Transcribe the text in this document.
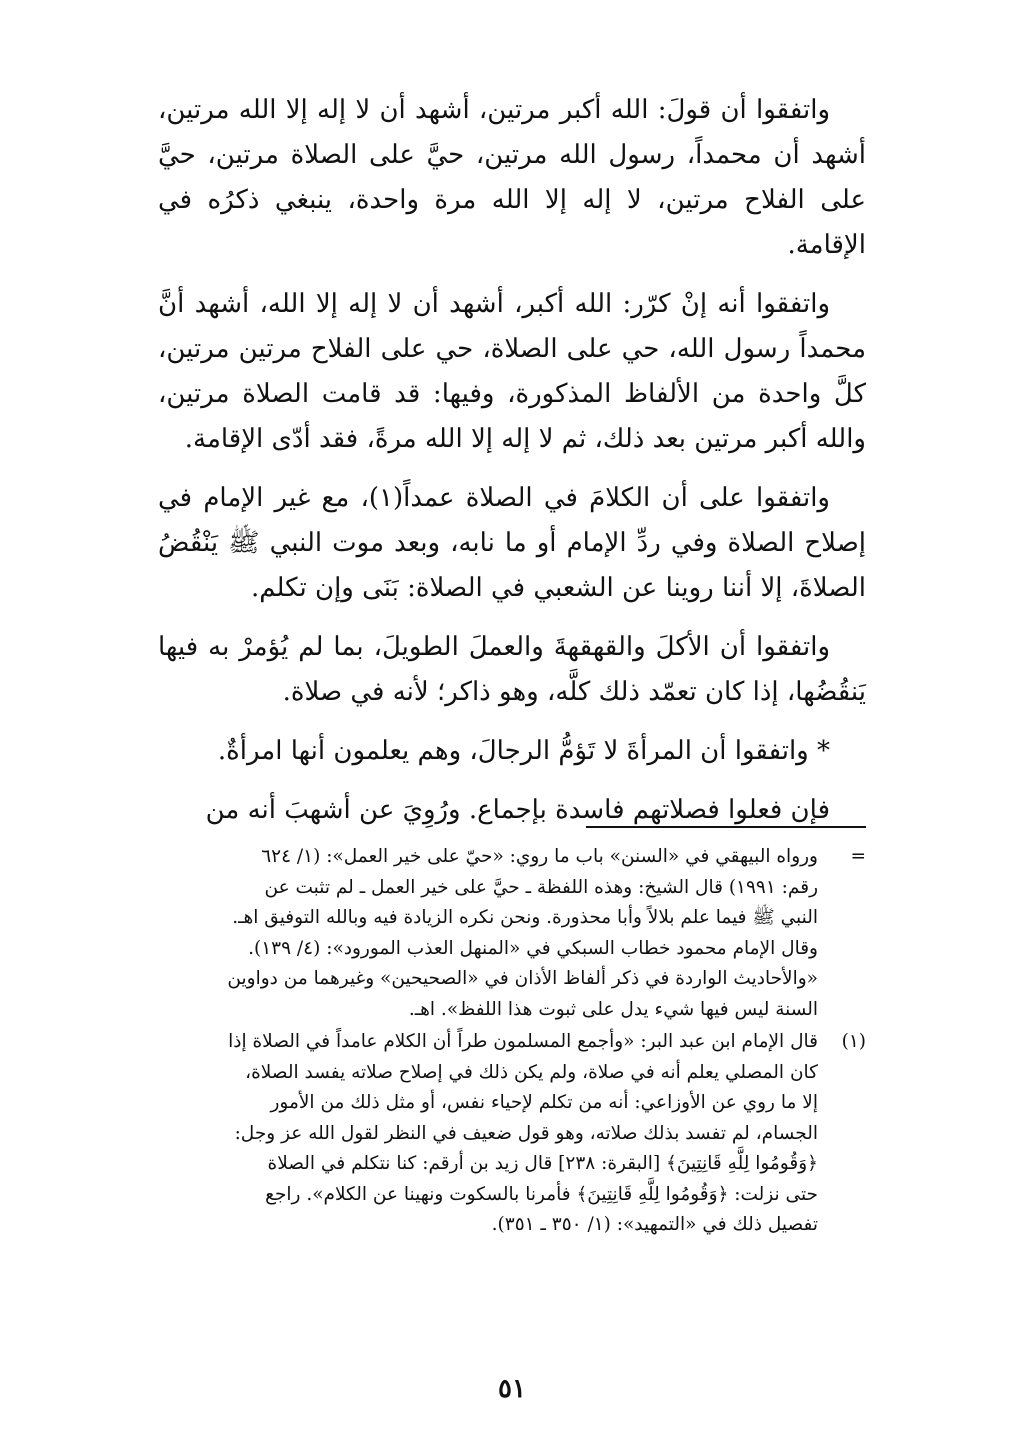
واتفقوا أن قولَ: الله أكبر مرتين، أشهد أن لا إله إلا الله مرتين، أشهد أن محمداً، رسول الله مرتين، حيَّ على الصلاة مرتين، حيَّ على الفلاح مرتين، لا إله إلا الله مرة واحدة، ينبغي ذكرُه في الإقامة.

واتفقوا أنه إنْ كرّر: الله أكبر، أشهد أن لا إله إلا الله، أشهد أنَّ محمداً رسول الله، حي على الصلاة، حي على الفلاح مرتين مرتين، كلَّ واحدة من الألفاظ المذكورة، وفيها: قد قامت الصلاة مرتين، والله أكبر مرتين بعد ذلك، ثم لا إله إلا الله مرةً، فقد أدّى الإقامة.

واتفقوا على أن الكلامَ في الصلاة عمداً(١)، مع غير الإمام في إصلاح الصلاة وفي ردِّ الإمام أو ما نابه، وبعد موت النبي ﷺ يَنْقُضُ الصلاةَ، إلا أننا روينا عن الشعبي في الصلاة: بَنَى وإن تكلم.

واتفقوا أن الأكلَ والقهقهةَ والعملَ الطويلَ، بما لم يُؤمرْ به فيها يَنقُضُها، إذا كان تعمّد ذلك كلَّه، وهو ذاكر؛ لأنه في صلاة.

* واتفقوا أن المرأةَ لا تَؤمُّ الرجالَ، وهم يعلمون أنها امرأةٌ.

فإن فعلوا فصلاتهم فاسدة بإجماع. ورُوِيَ عن أشهبَ أنه من

=
ورواه البيهقي في «السنن» باب ما روي: «حيّ على خير العمل»: (١/ ٦٢٤
رقم: ١٩٩١) قال الشيخ: وهذه اللفظة ـ حيَّ على خير العمل ـ لم تثبت عن
النبي ﷺ فيما علم بلالاً وأبا محذورة. ونحن نكره الزيادة فيه وبالله التوفيق اهـ.
وقال الإمام محمود خطاب السبكي في «المنهل العذب المورود»: (٤/ ١٣٩).
«والأحاديث الواردة في ذكر ألفاظ الأذان في «الصحيحين» وغيرهما من دواوين
السنة ليس فيها شيء يدل على ثبوت هذا اللفظ». اهـ.
(١)
قال الإمام ابن عبد البر: «وأجمع المسلمون طراً أن الكلام عامداً في الصلاة إذا
كان المصلي يعلم أنه في صلاة، ولم يكن ذلك في إصلاح صلاته يفسد الصلاة،
إلا ما روي عن الأوزاعي: أنه من تكلم لإحياء نفس، أو مثل ذلك من الأمور
الجسام، لم تفسد بذلك صلاته، وهو قول ضعيف في النظر لقول الله عز وجل:
﴿وَقُومُوا لِلَّهِ قَانِتِينَ﴾ [البقرة: ٢٣٨] قال زيد بن أرقم: كنا نتكلم في الصلاة
حتى نزلت: ﴿وَقُومُوا لِلَّهِ قَانِتِينَ﴾ فأمرنا بالسكوت ونهينا عن الكلام». راجع
تفصيل ذلك في «التمهيد»: (١/ ٣٥٠ ـ ٣٥١).
٥١
